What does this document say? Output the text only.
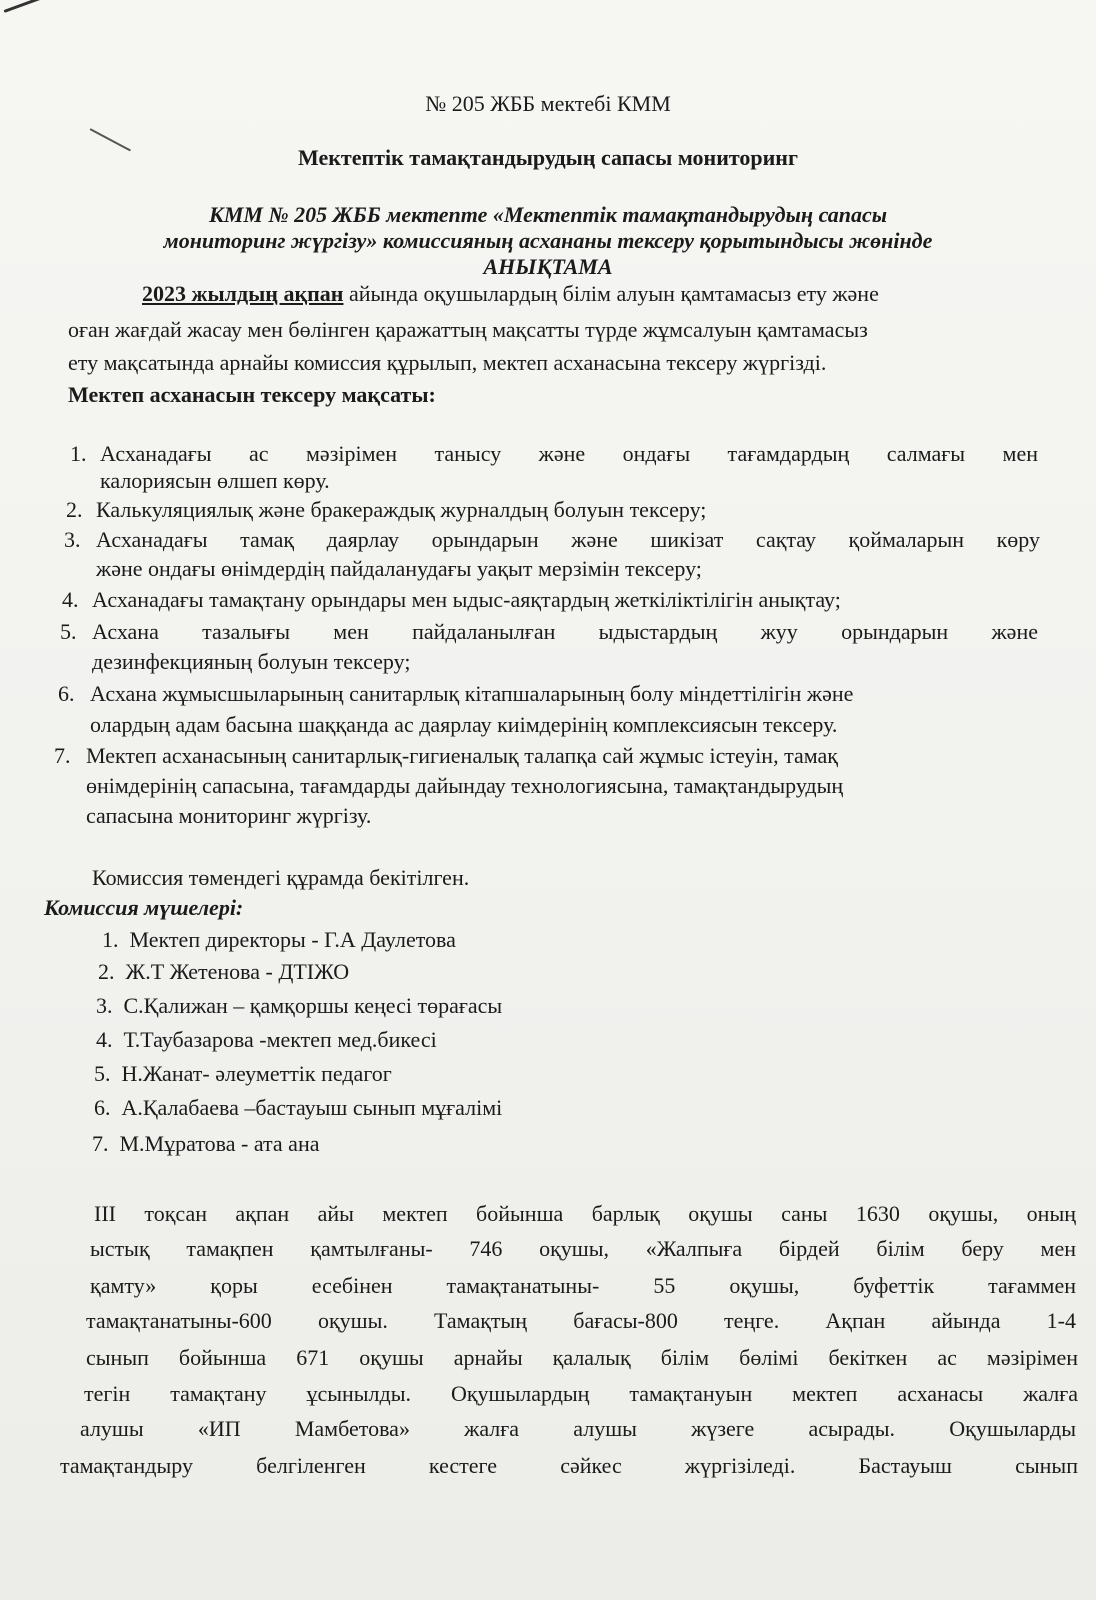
№ 205 ЖББ мектебі КММ
Мектептік тамақтандырудың сапасы мониторинг
КММ № 205 ЖББ мектепте «Мектептік тамақтандырудың сапасы
мониторинг жүргізу» комиссияның асхананы тексеру қорытындысы жөнінде
АНЫҚТАМА
2023 жылдың ақпан айында оқушылардың білім алуын қамтамасыз ету және
оған жағдай жасау мен бөлінген қаражаттың мақсатты түрде жұмсалуын қамтамасыз
ету мақсатында арнайы комиссия құрылып, мектеп асханасына тексеру жүргізді.
Мектеп асханасын тексеру мақсаты:
1. Асханадағы ас мәзірімен танысу және ондағы тағамдардың салмағы мен
калориясын өлшеп көру.
2. Калькуляциялық және бракераждық журналдың болуын тексеру;
3. Асханадағы тамақ даярлау орындарын және шикізат сақтау қоймаларын көру
және ондағы өнімдердің пайдаланудағы уақыт мерзімін тексеру;
4. Асханадағы тамақтану орындары мен ыдыс-аяқтардың жеткіліктілігін анықтау;
5. Асхана тазалығы мен пайдаланылған ыдыстардың жуу орындарын және
дезинфекцияның болуын тексеру;
6. Асхана жұмысшыларының санитарлық кітапшаларының болу міндеттілігін және
олардың адам басына шаққанда ас даярлау киімдерінің комплексиясын тексеру.
7. Мектеп асханасының санитарлық-гигиеналық талапқа сай жұмыс істеуін, тамақ
өнімдерінің сапасына, тағамдарды дайындау технологиясына, тамақтандырудың
сапасына мониторинг жүргізу.
Комиссия төмендегі құрамда бекітілген.
Комиссия мүшелері:
1. Мектеп директоры - Г.А Даулетова
2. Ж.Т Жетенова - ДТІЖО
3. С.Қалижан – қамқоршы кеңесі төрағасы
4. Т.Таубазарова -мектеп мед.бикесі
5. Н.Жанат- әлеуметтік педагог
6. А.Қалабаева –бастауыш сынып мұғалімі
7. М.Мұратова - ата ана
ІІІ тоқсан ақпан айы мектеп бойынша барлық оқушы саны 1630 оқушы, оның
ыстық тамақпен қамтылғаны- 746 оқушы, «Жалпыға бірдей білім беру мен
қамту» қоры есебінен тамақтанатыны- 55 оқушы, буфеттік тағаммен
тамақтанатыны-600 оқушы. Тамақтың бағасы-800 теңге. Ақпан айында 1-4
сынып бойынша 671 оқушы арнайы қалалық білім бөлімі бекіткен ас мәзірімен
тегін тамақтану ұсынылды. Оқушылардың тамақтануын мектеп асханасы жалға
алушы «ИП Мамбетова» жалға алушы жүзеге асырады. Оқушыларды
тамақтандыру белгіленген кестеге сәйкес жүргізіледі. Бастауыш сынып
